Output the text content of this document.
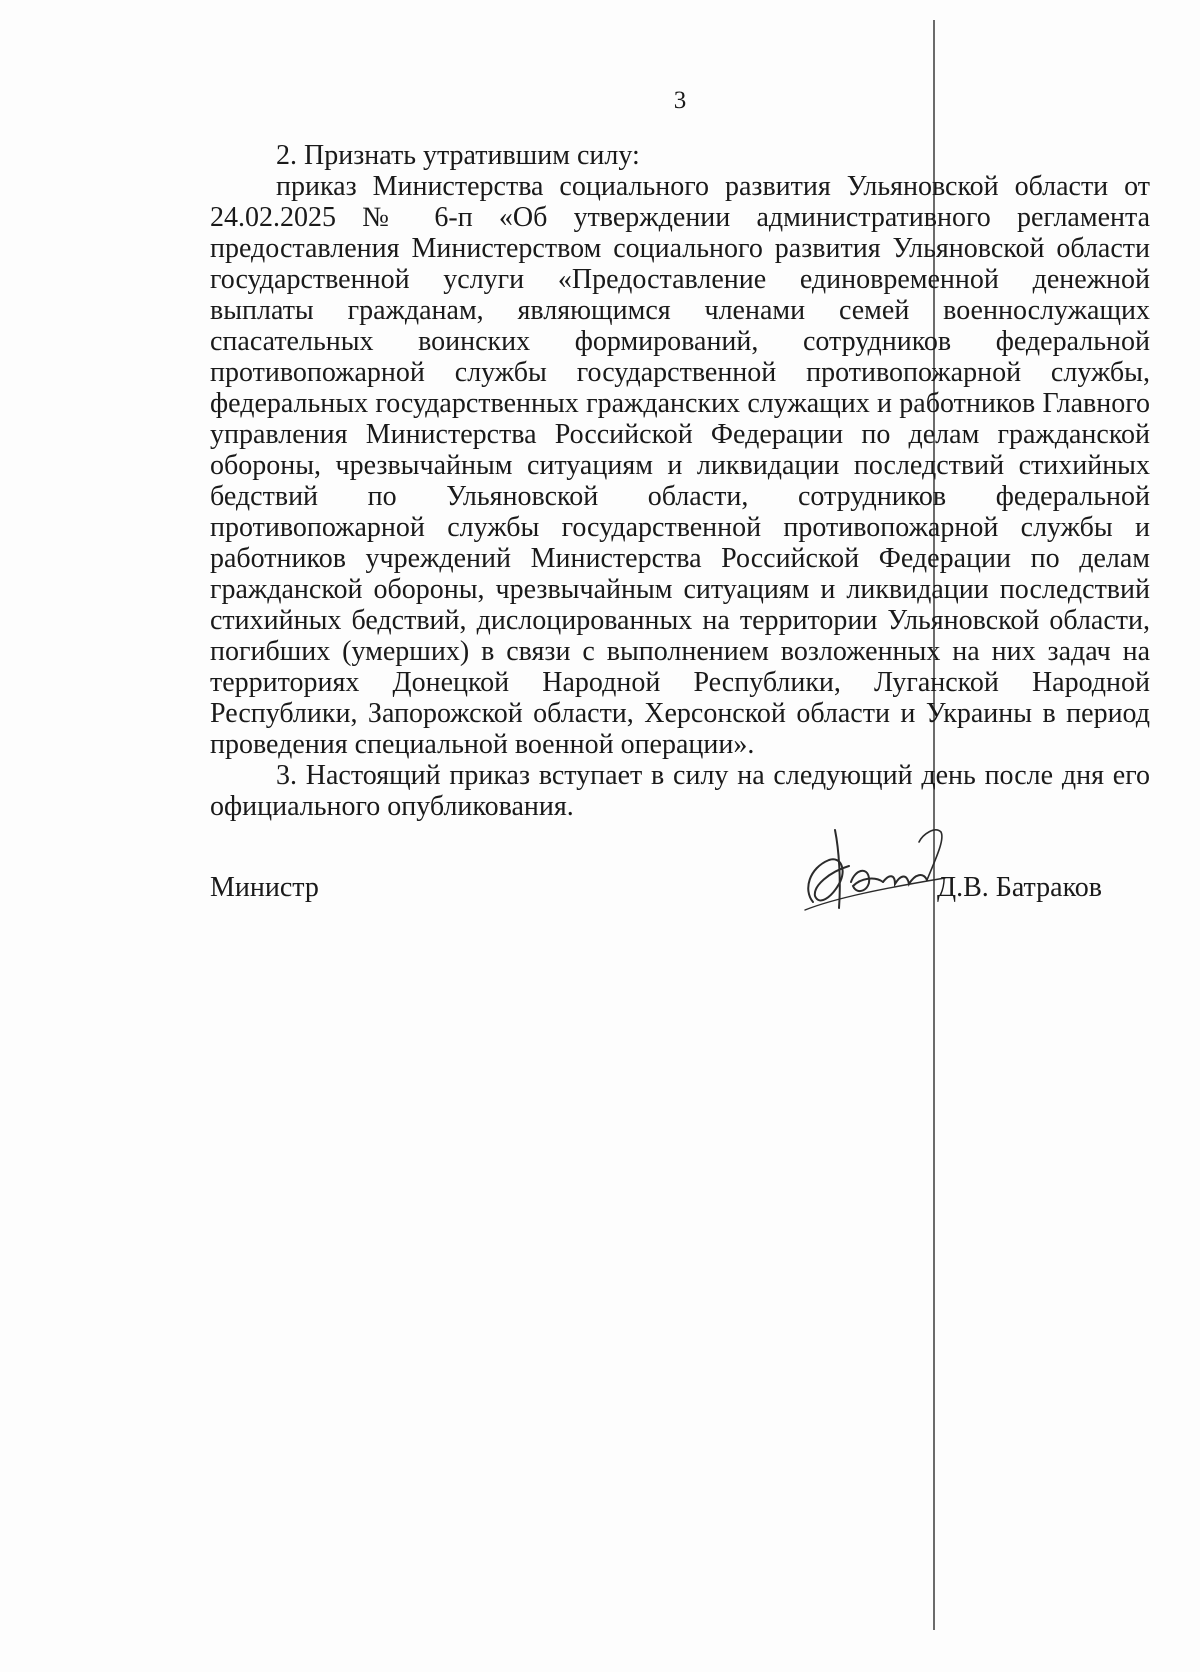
3

2. Признать утратившим силу:

приказ Министерства социального развития Ульяновской области от 24.02.2025 № 6-п «Об утверждении административного регламента предоставления Министерством социального развития Ульяновской области государственной услуги «Предоставление единовременной денежной выплаты гражданам, являющимся членами семей военнослужащих спасательных воинских формирований, сотрудников федеральной противопожарной службы государственной противопожарной службы, федеральных государственных гражданских служащих и работников Главного управления Министерства Российской Федерации по делам гражданской обороны, чрезвычайным ситуациям и ликвидации последствий стихийных бедствий по Ульяновской области, сотрудников федеральной противопожарной службы государственной противопожарной службы и работников учреждений Министерства Российской Федерации по делам гражданской обороны, чрезвычайным ситуациям и ликвидации последствий стихийных бедствий, дислоцированных на территории Ульяновской области, погибших (умерших) в связи с выполнением возложенных на них задач на территориях Донецкой Народной Республики, Луганской Народной Республики, Запорожской области, Херсонской области и Украины в период проведения специальной военной операции».

3. Настоящий приказ вступает в силу на следующий день после дня его официального опубликования.

Министр	Д.В. Батраков
